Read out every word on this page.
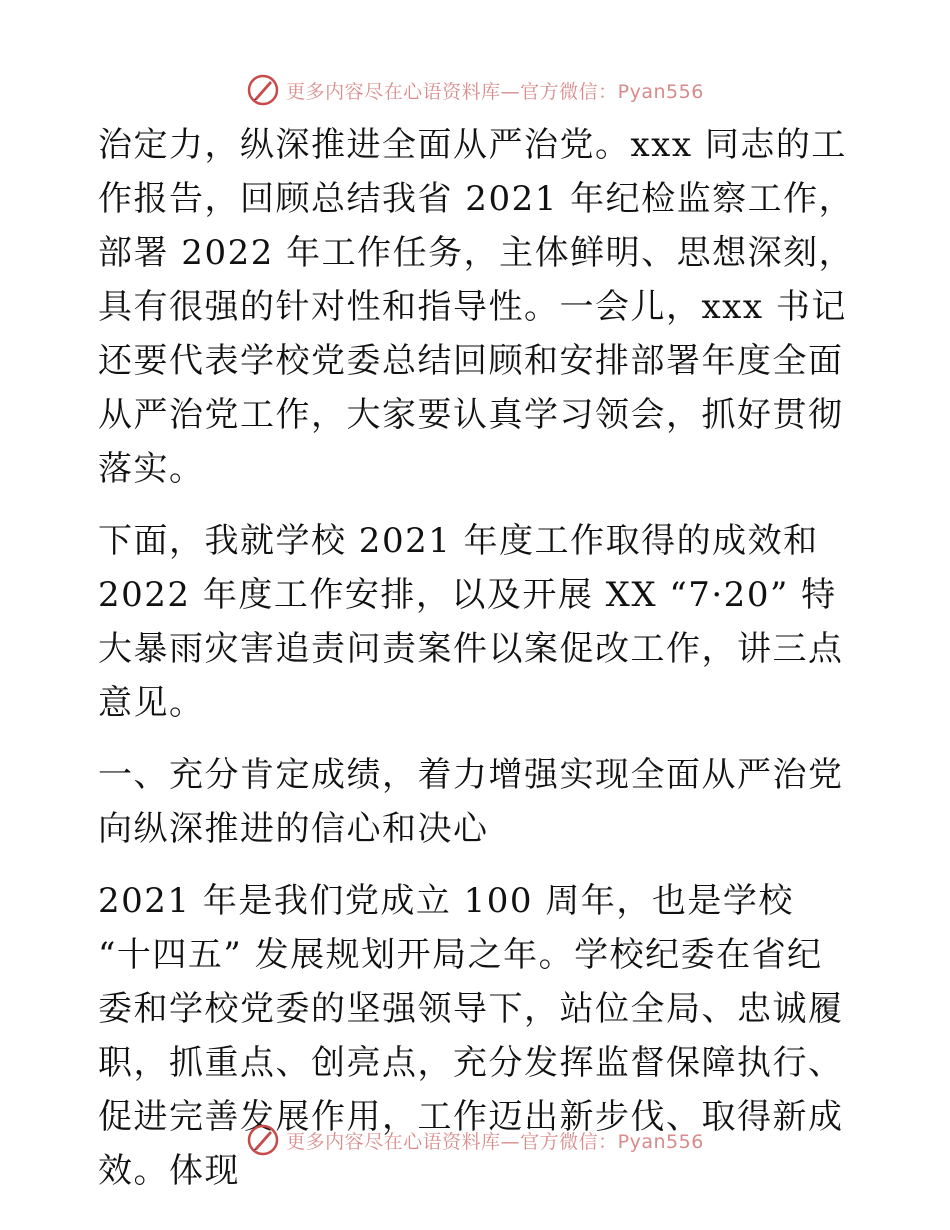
更多内容尽在心语资料库—官方微信：Pyan556

治定力，纵深推进全面从严治党。xxx 同志的工作报告，回顾总结我省 2021 年纪检监察工作，部署 2022 年工作任务，主体鲜明、思想深刻，具有很强的针对性和指导性。一会儿，xxx 书记还要代表学校党委总结回顾和安排部署年度全面从严治党工作，大家要认真学习领会，抓好贯彻落实。

下面，我就学校 2021 年度工作取得的成效和 2022 年度工作安排，以及开展 XX “7·20” 特大暴雨灾害追责问责案件以案促改工作，讲三点意见。

一、充分肯定成绩，着力增强实现全面从严治党向纵深推进的信心和决心

2021 年是我们党成立 100 周年，也是学校 “十四五” 发展规划开局之年。学校纪委在省纪委和学校党委的坚强领导下，站位全局、忠诚履职，抓重点、创亮点，充分发挥监督保障执行、促进完善发展作用，工作迈出新步伐、取得新成效。体现

更多内容尽在心语资料库—官方微信：Pyan556
